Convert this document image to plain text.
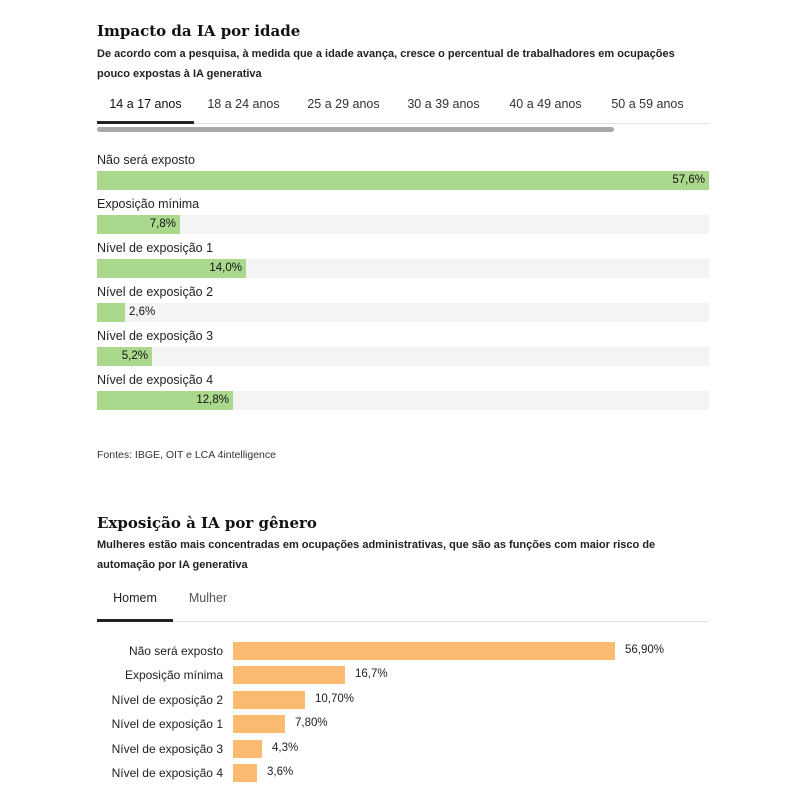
Impacto da IA por idade
De acordo com a pesquisa, à medida que a idade avança, cresce o percentual de trabalhadores em ocupações pouco expostas à IA generativa
14 a 17 anos	18 a 24 anos	25 a 29 anos	30 a 39 anos	40 a 49 anos	50 a 59 anos
Não será exposto
57,6%
Exposição mínima
7,8%
Nível de exposição 1
14,0%
Nível de exposição 2
2,6%
Nível de exposição 3
5,2%
Nível de exposição 4
12,8%
Fontes: IBGE, OIT e LCA 4intelligence
Exposição à IA por gênero
Mulheres estão mais concentradas em ocupações administrativas, que são as funções com maior risco de automação por IA generativa
Homem	Mulher
Não será exposto	56,90%
Exposição mínima	16,7%
Nível de exposição 2	10,70%
Nível de exposição 1	7,80%
Nível de exposição 3	4,3%
Nível de exposição 4	3,6%
